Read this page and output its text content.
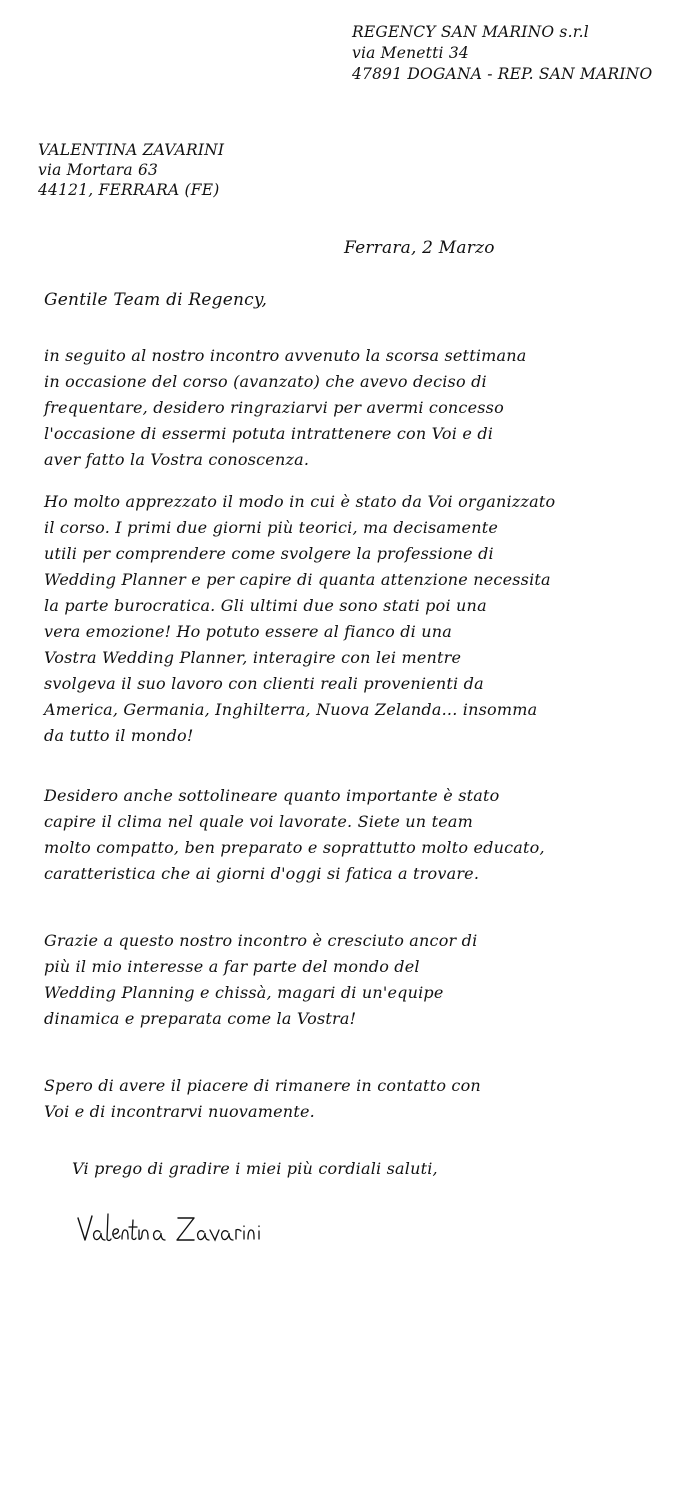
REGENCY SAN MARINO s.r.l
via Menetti 34
47891 DOGANA - REP. SAN MARINO
VALENTINA ZAVARINI
via Mortara 63
44121, FERRARA (FE)
Ferrara, 2 Marzo
Gentile Team di Regency,
in seguito al nostro incontro avvenuto la scorsa settimana
in occasione del corso (avanzato) che avevo deciso di
frequentare, desidero ringraziarvi per avermi concesso
l'occasione di essermi potuta intrattenere con Voi e di
aver fatto la Vostra conoscenza.
Ho molto apprezzato il modo in cui è stato da Voi organizzato
il corso. I primi due giorni più teorici, ma decisamente
utili per comprendere come svolgere la professione di
Wedding Planner e per capire di quanta attenzione necessita
la parte burocratica. Gli ultimi due sono stati poi una
vera emozione! Ho potuto essere al fianco di una
Vostra Wedding Planner, interagire con lei mentre
svolgeva il suo lavoro con clienti reali provenienti da
America, Germania, Inghilterra, Nuova Zelanda... insomma
da tutto il mondo!
Desidero anche sottolineare quanto importante è stato
capire il clima nel quale voi lavorate. Siete un team
molto compatto, ben preparato e soprattutto molto educato,
caratteristica che ai giorni d'oggi si fatica a trovare.
Grazie a questo nostro incontro è cresciuto ancor di
più il mio interesse a far parte del mondo del
Wedding Planning e chissà, magari di un'equipe
dinamica e preparata come la Vostra!
Spero di avere il piacere di rimanere in contatto con
Voi e di incontrarvi nuovamente.
Vi prego di gradire i miei più cordiali saluti,
